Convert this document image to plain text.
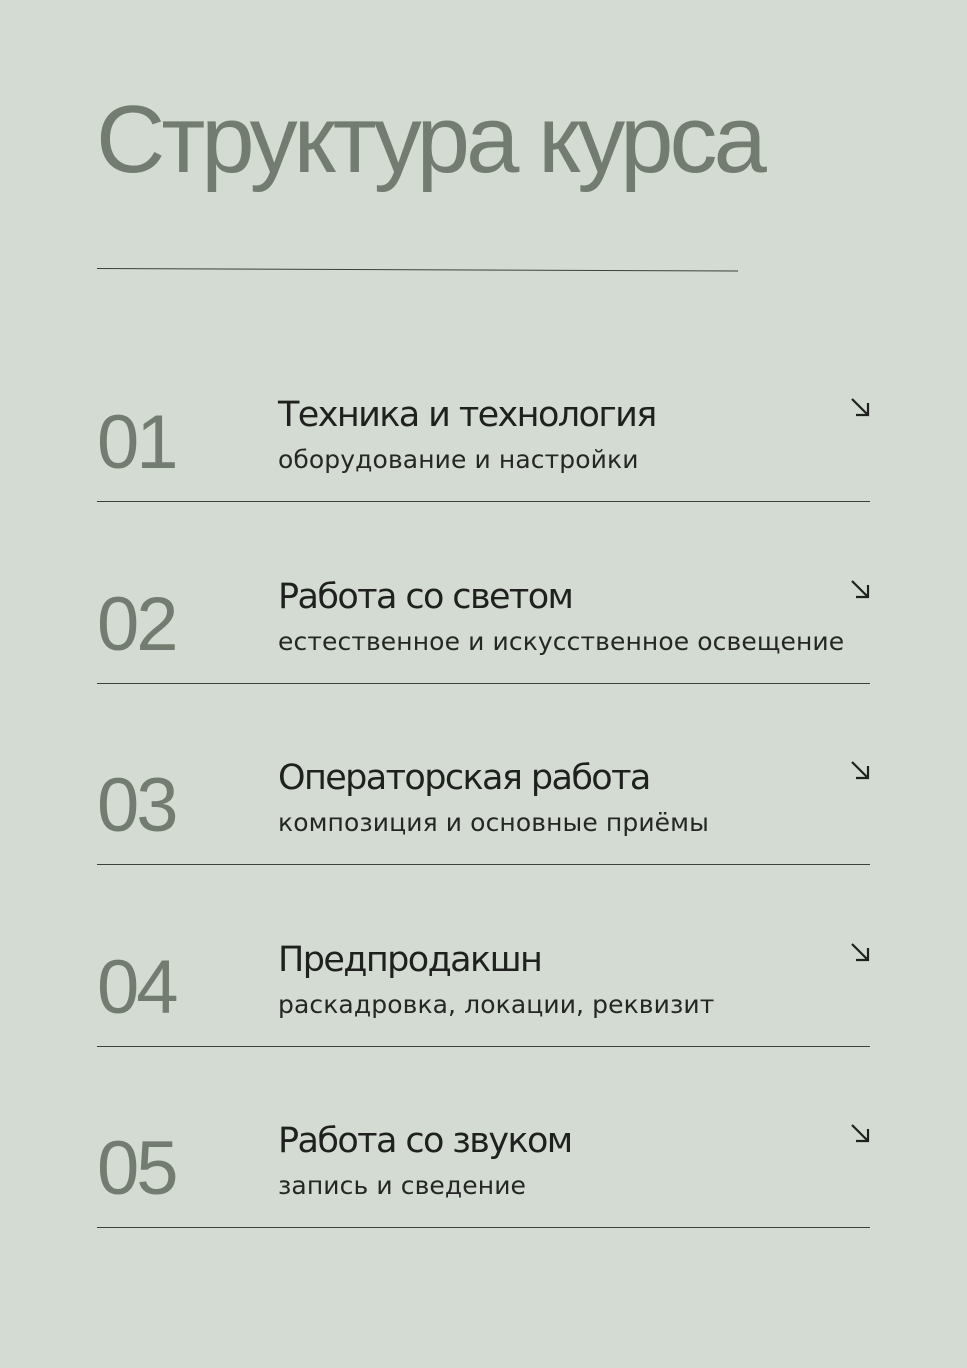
Структура курса
01	Техника и технология
оборудование и настройки
02	Работа со светом
естественное и искусственное освещение
03	Операторская работа
композиция и основные приёмы
04	Предпродакшн
раскадровка, локации, реквизит
05	Работа со звуком
запись и сведение
